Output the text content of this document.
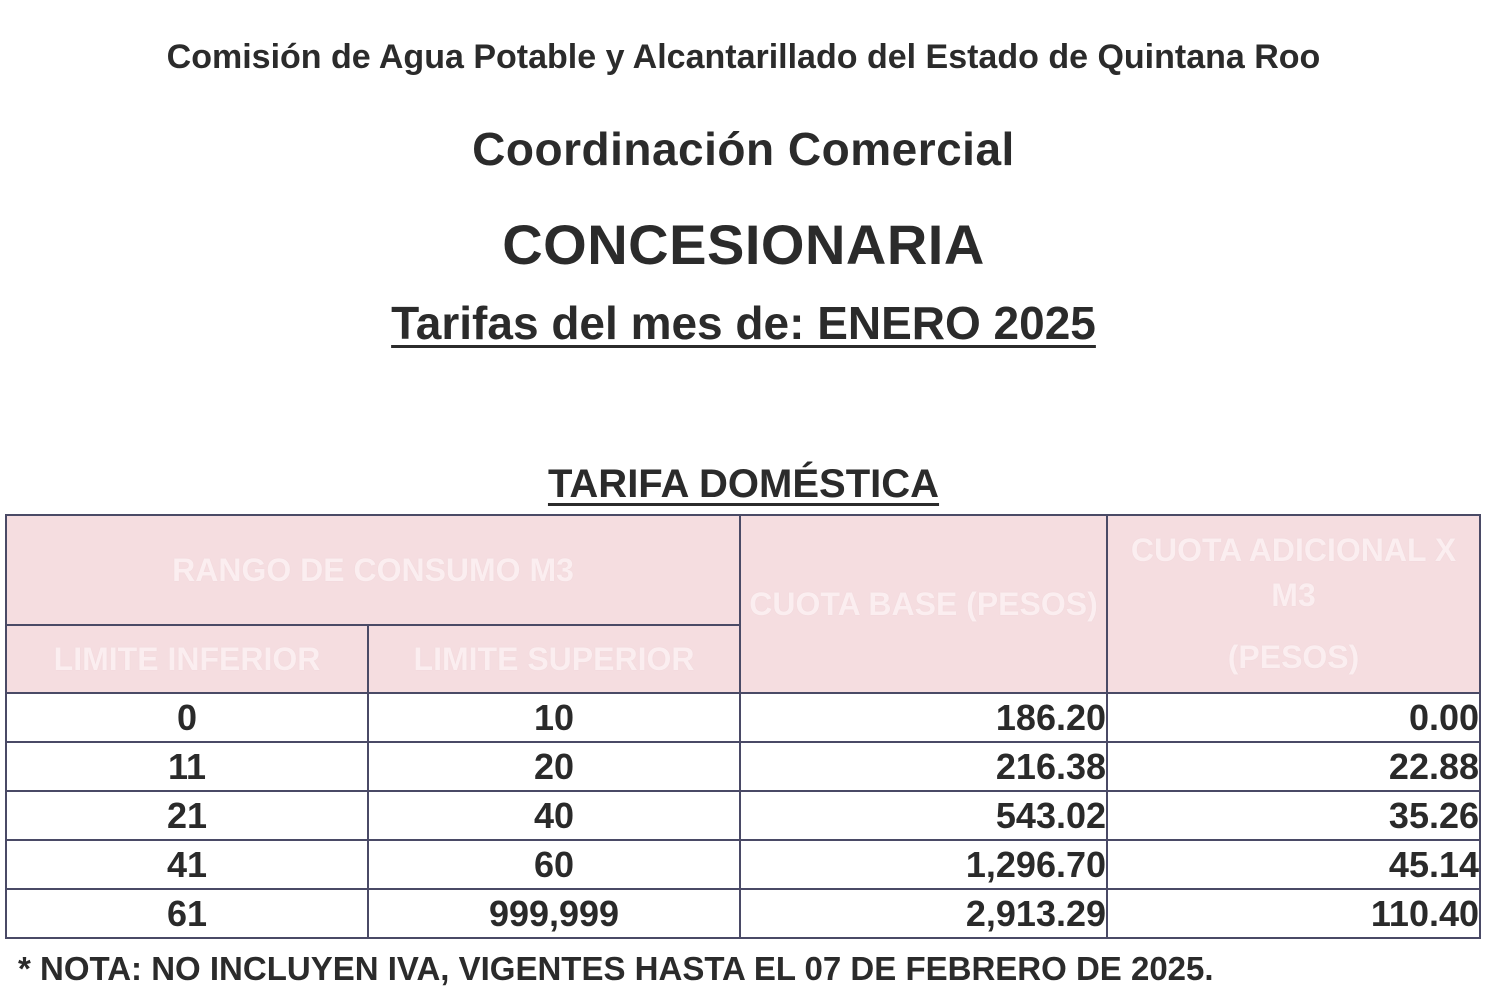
Comisión de Agua Potable y Alcantarillado del Estado de Quintana Roo
Coordinación Comercial
CONCESIONARIA
Tarifas del mes de: ENERO 2025
TARIFA DOMÉSTICA
RANGO DE CONSUMO M3		CUOTA BASE (PESOS)	CUOTA ADICIONAL X M3
(PESOS)

LIMITE INFERIOR	LIMITE SUPERIOR		
0	10	186.20	0.00
11	20	216.38	22.88
21	40	543.02	35.26
41	60	1,296.70	45.14
61	999,999	2,913.29	110.40

* NOTA: NO INCLUYEN IVA, VIGENTES HASTA EL 07 DE FEBRERO DE 2025.
